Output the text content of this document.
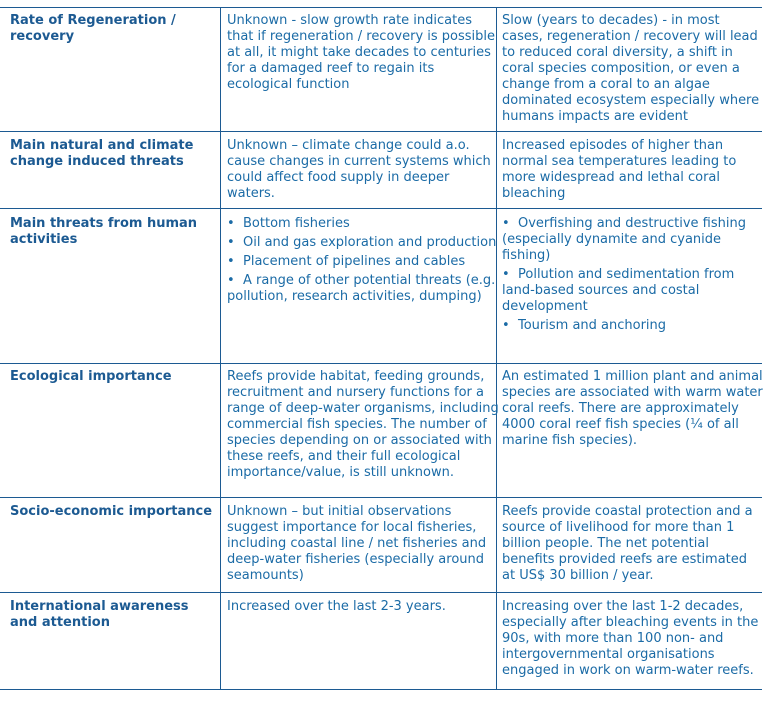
Rate of Regeneration / recovery
Unknown - slow growth rate indicates that if regeneration / recovery is possible at all, it might take decades to centuries for a damaged reef to regain its ecological function
Slow (years to decades) - in most cases, regeneration / recovery will lead to reduced coral diversity, a shift in coral species composition, or even a change from a coral to an algae dominated ecosystem especially where humans impacts are evident
Main natural and climate change induced threats
Unknown – climate change could a.o. cause changes in current systems which could affect food supply in deeper waters.
Increased episodes of higher than normal sea temperatures leading to more widespread and lethal coral bleaching
Main threats from human activities
• Bottom fisheries
• Oil and gas exploration and production
• Placement of pipelines and cables
• A range of other potential threats (e.g. pollution, research activities, dumping)
• Overfishing and destructive fishing (especially dynamite and cyanide fishing)
• Pollution and sedimentation from land-based sources and costal development
• Tourism and anchoring
Ecological importance	Reefs provide habitat, feeding grounds, recruitment and nursery functions for a range of deep-water organisms, including commercial fish species. The number of species depending on or associated with these reefs, and their full ecological importance/value, is still unknown.
An estimated 1 million plant and animal species are associated with warm water coral reefs. There are approximately 4000 coral reef fish species (¼ of all marine fish species).
Socio-economic importance Unknown – but initial observations suggest importance for local fisheries, including coastal line / net fisheries and deep-water fisheries (especially around seamounts)
Reefs provide coastal protection and a source of livelihood for more than 1 billion people. The net potential benefits provided reefs are estimated at US$ 30 billion / year.
International awareness and attention
Increased over the last 2-3 years.	Increasing over the last 1-2 decades, especially after bleaching events in the 90s, with more than 100 non- and intergovernmental organisations engaged in work on warm-water reefs.
